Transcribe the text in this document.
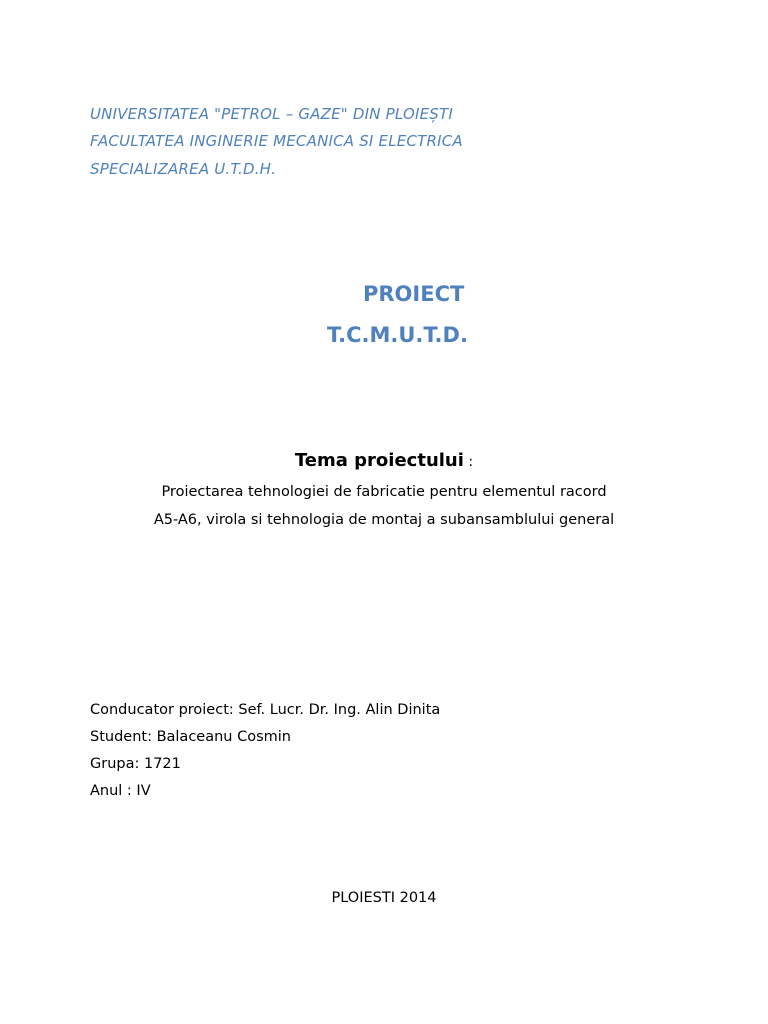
UNIVERSITATEA "PETROL – GAZE" DIN PLOIEȘTI
FACULTATEA INGINERIE MECANICA SI ELECTRICA
SPECIALIZAREA U.T.D.H.
PROIECT
T.C.M.U.T.D.
Tema proiectului :
Proiectarea tehnologiei de fabricatie pentru elementul racord
A5-A6, virola si tehnologia de montaj a subansamblului general
Conducator proiect: Sef. Lucr. Dr. Ing. Alin Dinita
Student: Balaceanu Cosmin
Grupa: 1721
Anul : IV
PLOIESTI 2014
